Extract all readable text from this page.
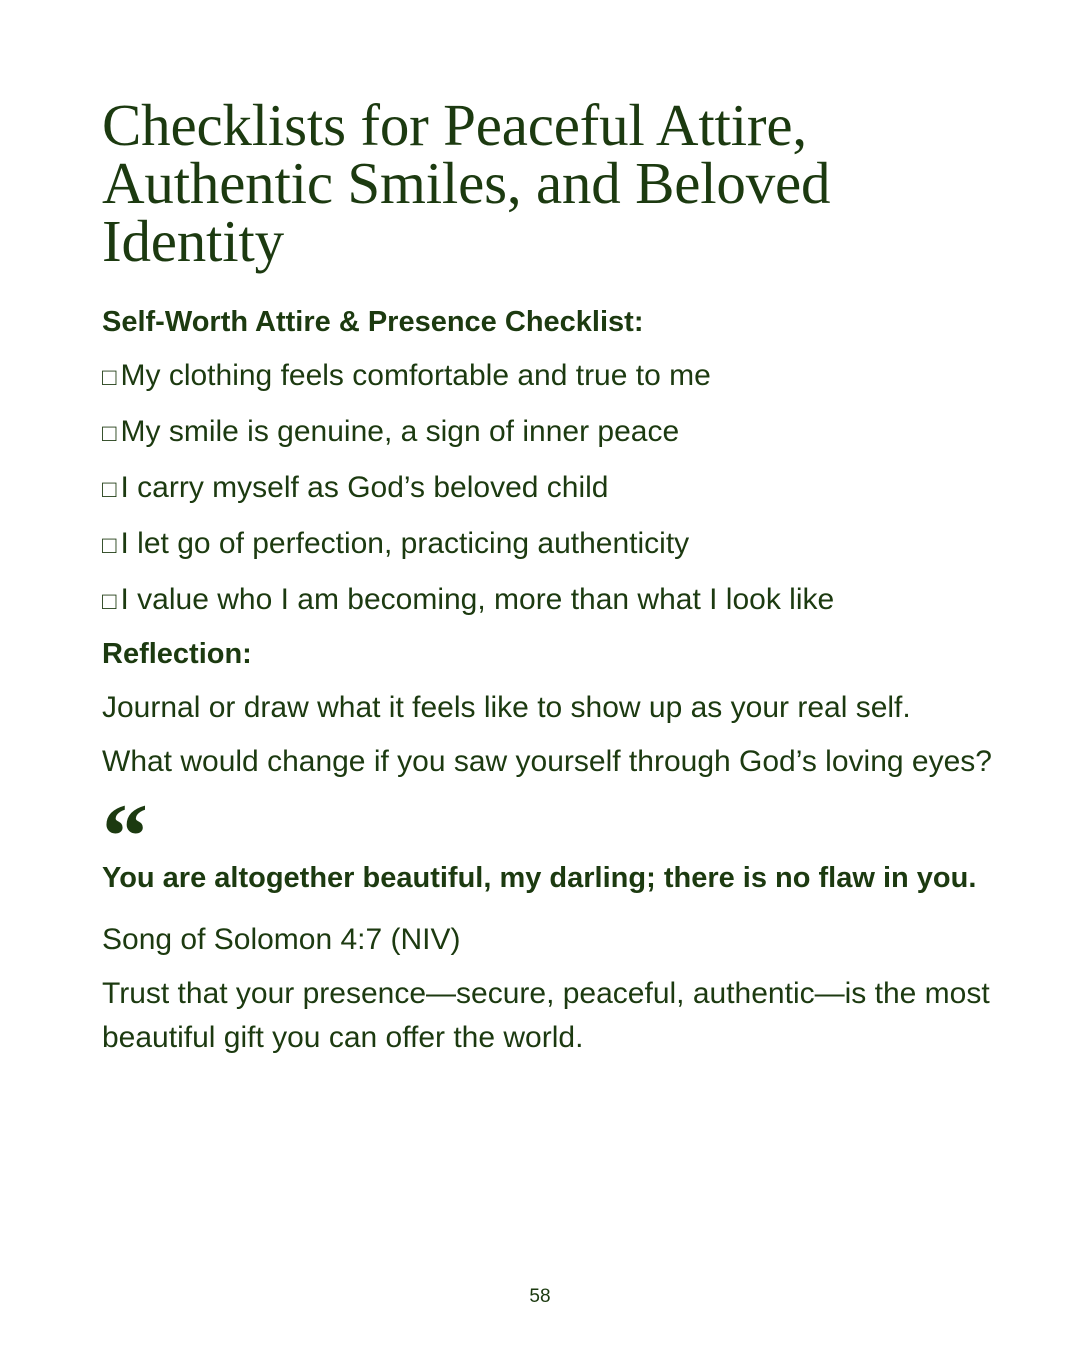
Checklists for Peaceful Attire, Authentic Smiles, and Beloved Identity
Self-Worth Attire & Presence Checklist:
□ My clothing feels comfortable and true to me
□ My smile is genuine, a sign of inner peace
□ I carry myself as God’s beloved child
□ I let go of perfection, practicing authenticity
□ I value who I am becoming, more than what I look like
Reflection:

Journal or draw what it feels like to show up as your real self.

What would change if you saw yourself through God’s loving eyes?

“

You are altogether beautiful, my darling; there is no flaw in you.

Song of Solomon 4:7 (NIV)

Trust that your presence—secure, peaceful, authentic—is the most beautiful gift you can offer the world.

58
